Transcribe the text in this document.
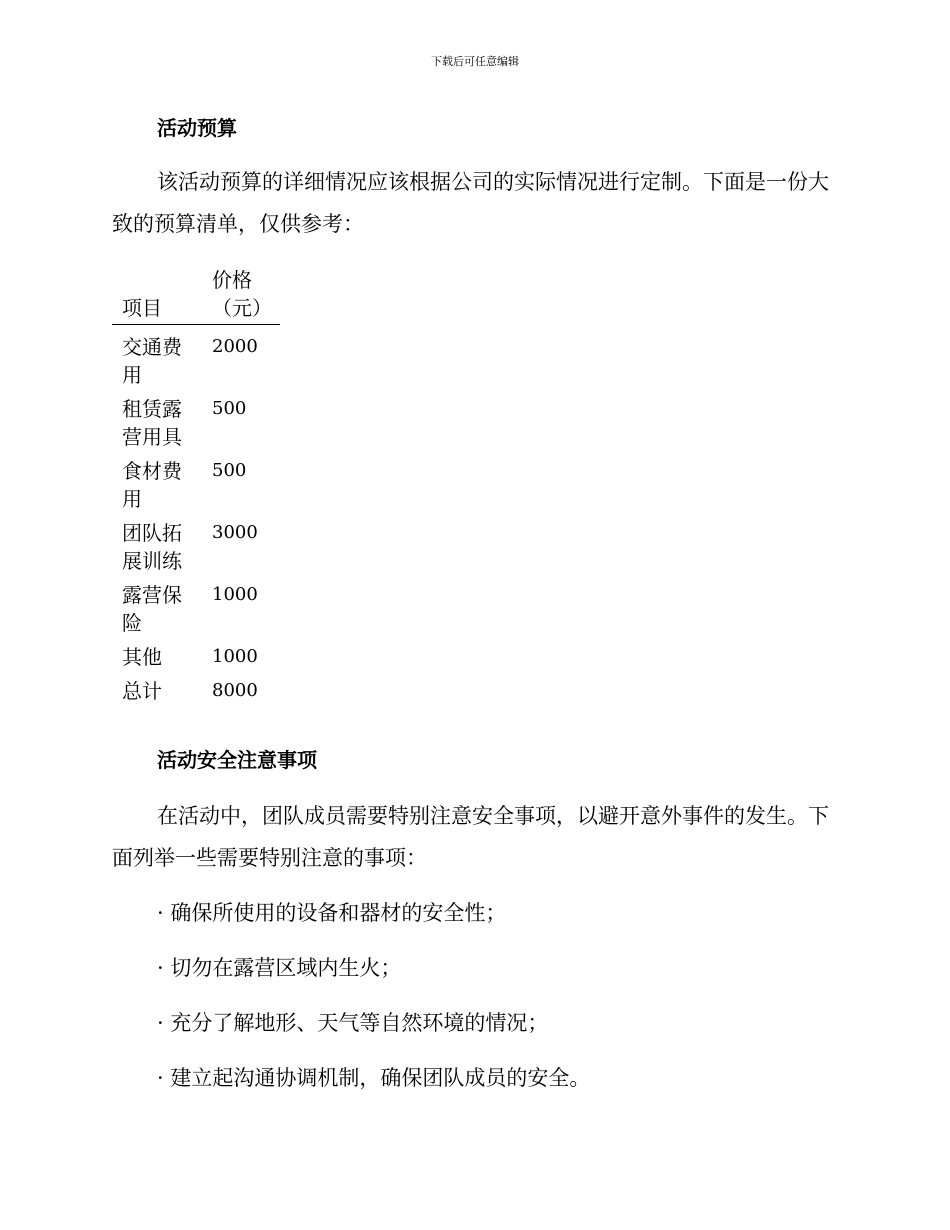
下载后可任意编辑
活动预算

该活动预算的详细情况应该根据公司的实际情况进行定制。下面是一份大致的预算清单，仅供参考：

项目	价格（元）

交通费用	2000

租赁露营用具	500

食材费用	500

团队拓展训练	3000

露营保险	1000

其他	1000

总计	8000
活动安全注意事项

在活动中，团队成员需要特别注意安全事项，以避开意外事件的发生。下面列举一些需要特别注意的事项：

· 确保所使用的设备和器材的安全性；
· 切勿在露营区域内生火；
· 充分了解地形、天气等自然环境的情况；
· 建立起沟通协调机制，确保团队成员的安全。
